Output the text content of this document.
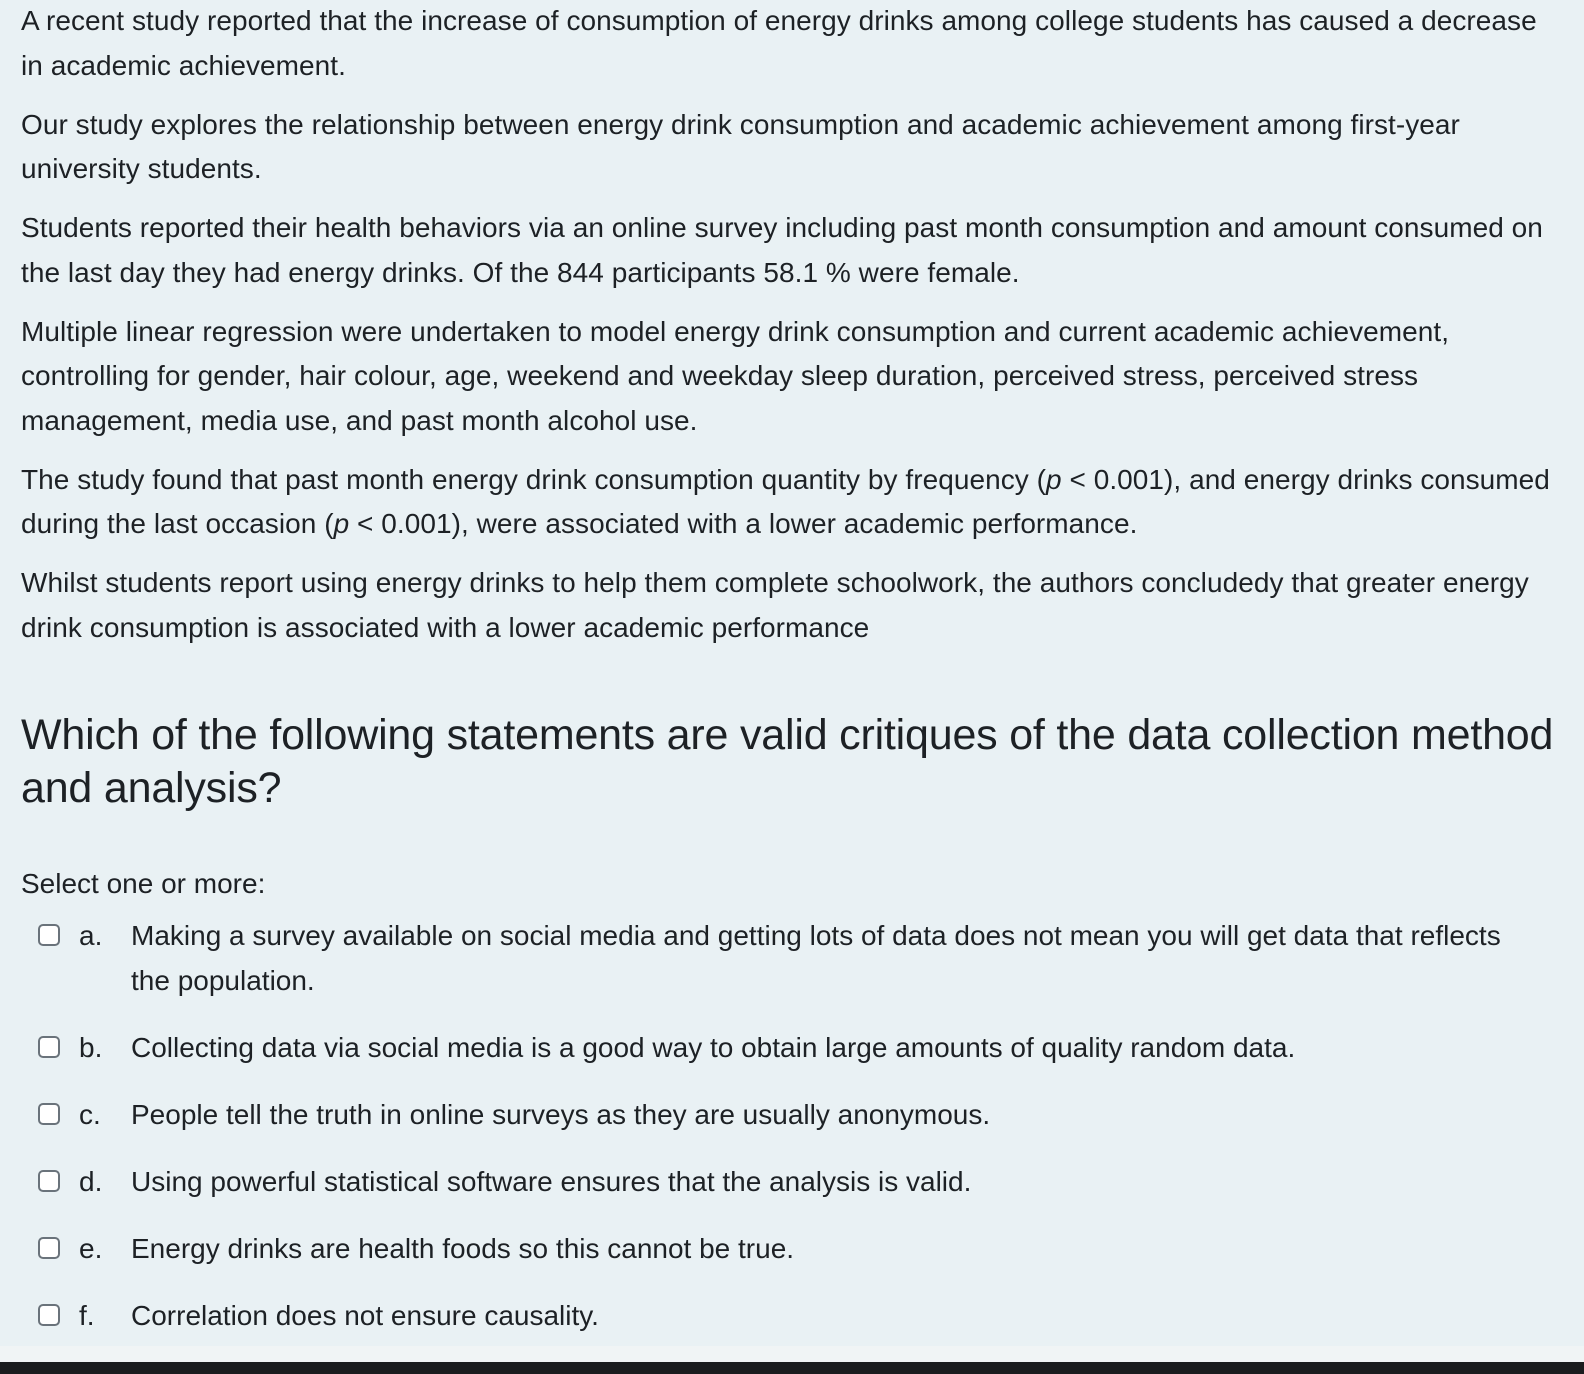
A recent study reported that the increase of consumption of energy drinks among college students has caused a decrease in academic achievement.

Our study explores the relationship between energy drink consumption and academic achievement among first-year university students.

Students reported their health behaviors via an online survey including past month consumption and amount consumed on the last day they had energy drinks. Of the 844 participants 58.1 % were female.

Multiple linear regression were undertaken to model energy drink consumption and current academic achievement, controlling for gender, hair colour, age, weekend and weekday sleep duration, perceived stress, perceived stress management, media use, and past month alcohol use.

The study found that past month energy drink consumption quantity by frequency (p < 0.001), and energy drinks consumed during the last occasion (p < 0.001), were associated with a lower academic performance.

Whilst students report using energy drinks to help them complete schoolwork, the authors concludedy that greater energy drink consumption is associated with a lower academic performance

Which of the following statements are valid critiques of the data collection method and analysis?
Select one or more:
a.	Making a survey available on social media and getting lots of data does not mean you will get data that reflects the population.
b.	Collecting data via social media is a good way to obtain large amounts of quality random data.
c.	People tell the truth in online surveys as they are usually anonymous.
d.	Using powerful statistical software ensures that the analysis is valid.
e.	Energy drinks are health foods so this cannot be true.
f.	Correlation does not ensure causality.
